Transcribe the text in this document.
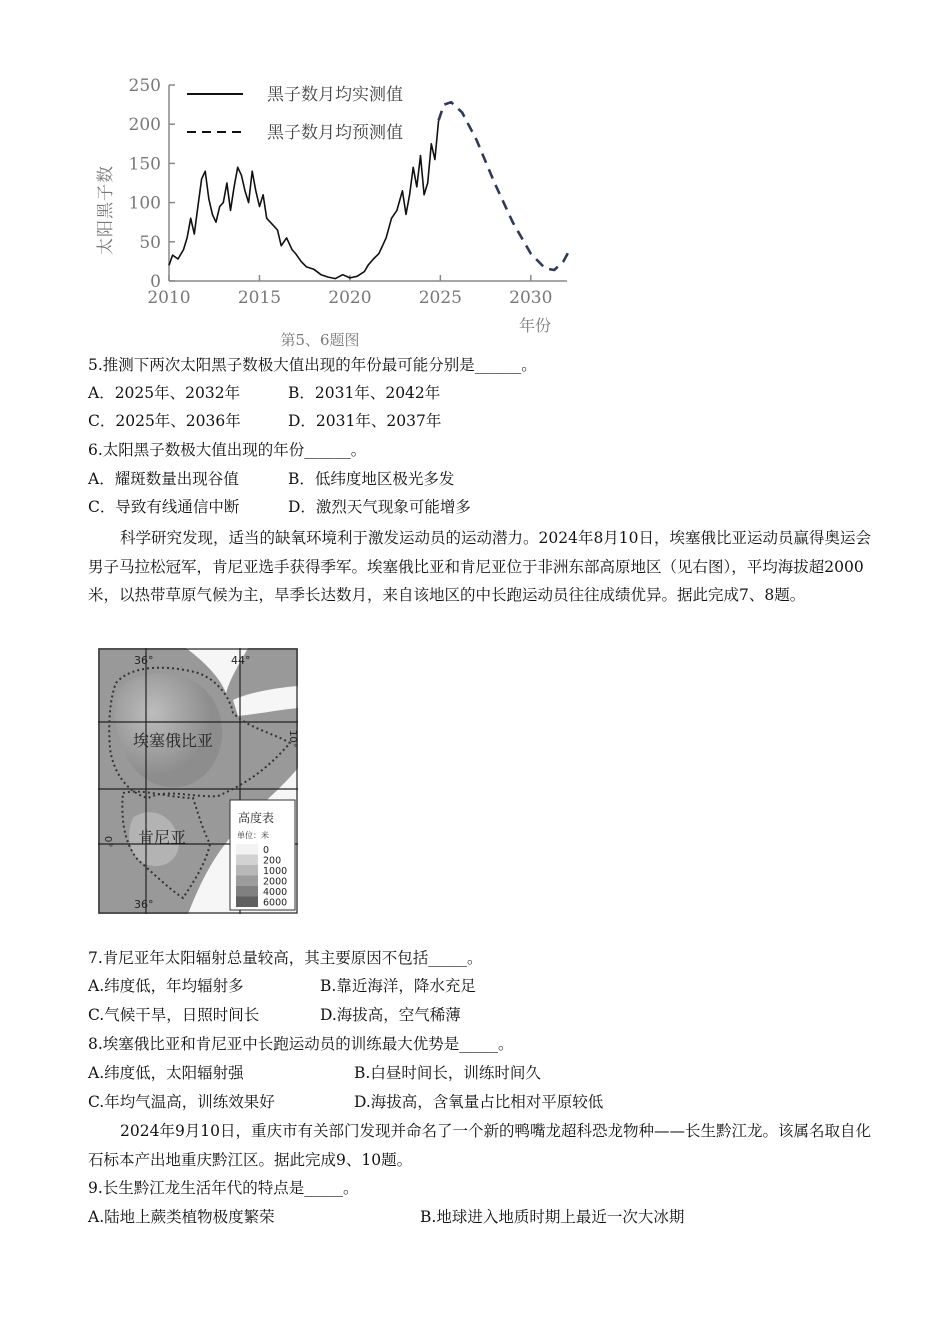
0
50
100
150
200
250
2010	2015	2020	2025	2030
太阳黑子数
年份
第5、6题图
黑子数月均实测值
黑子数月均预测值
5.推测下两次太阳黑子数极大值出现的年份最可能分别是______。
A．2025年、2032年	B．2031年、2042年
C．2025年、2036年	D．2031年、2037年
6.太阳黑子数极大值出现的年份______。
A．耀斑数量出现谷值	B．低纬度地区极光多发
C．导致有线通信中断	D．激烈天气现象可能增多
科学研究发现，适当的缺氧环境利于激发运动员的运动潜力。2024年8月10日，埃塞俄比亚运动员赢得奥运会男子马拉松冠军，肯尼亚选手获得季军。埃塞俄比亚和肯尼亚位于非洲东部高原地区（见右图），平均海拔超2000米，以热带草原气候为主，旱季长达数月，来自该地区的中长跑运动员往往成绩优异。据此完成7、8题。
36°	44°
10°
0°
36°
埃塞俄比亚
肯尼亚
高度表
单位：米
0
200
1000
2000
4000
6000
7.肯尼亚年太阳辐射总量较高，其主要原因不包括_____。
A.纬度低，年均辐射多	B.靠近海洋，降水充足
C.气候干旱，日照时间长	D.海拔高，空气稀薄
8.埃塞俄比亚和肯尼亚中长跑运动员的训练最大优势是_____。
A.纬度低，太阳辐射强	B.白昼时间长，训练时间久
C.年均气温高，训练效果好	D.海拔高，含氧量占比相对平原较低
2024年9月10日，重庆市有关部门发现并命名了一个新的鸭嘴龙超科恐龙物种——长生黔江龙。该属名取自化石标本产出地重庆黔江区。据此完成9、10题。
9.长生黔江龙生活年代的特点是_____。
A.陆地上蕨类植物极度繁荣	B.地球进入地质时期上最近一次大冰期
